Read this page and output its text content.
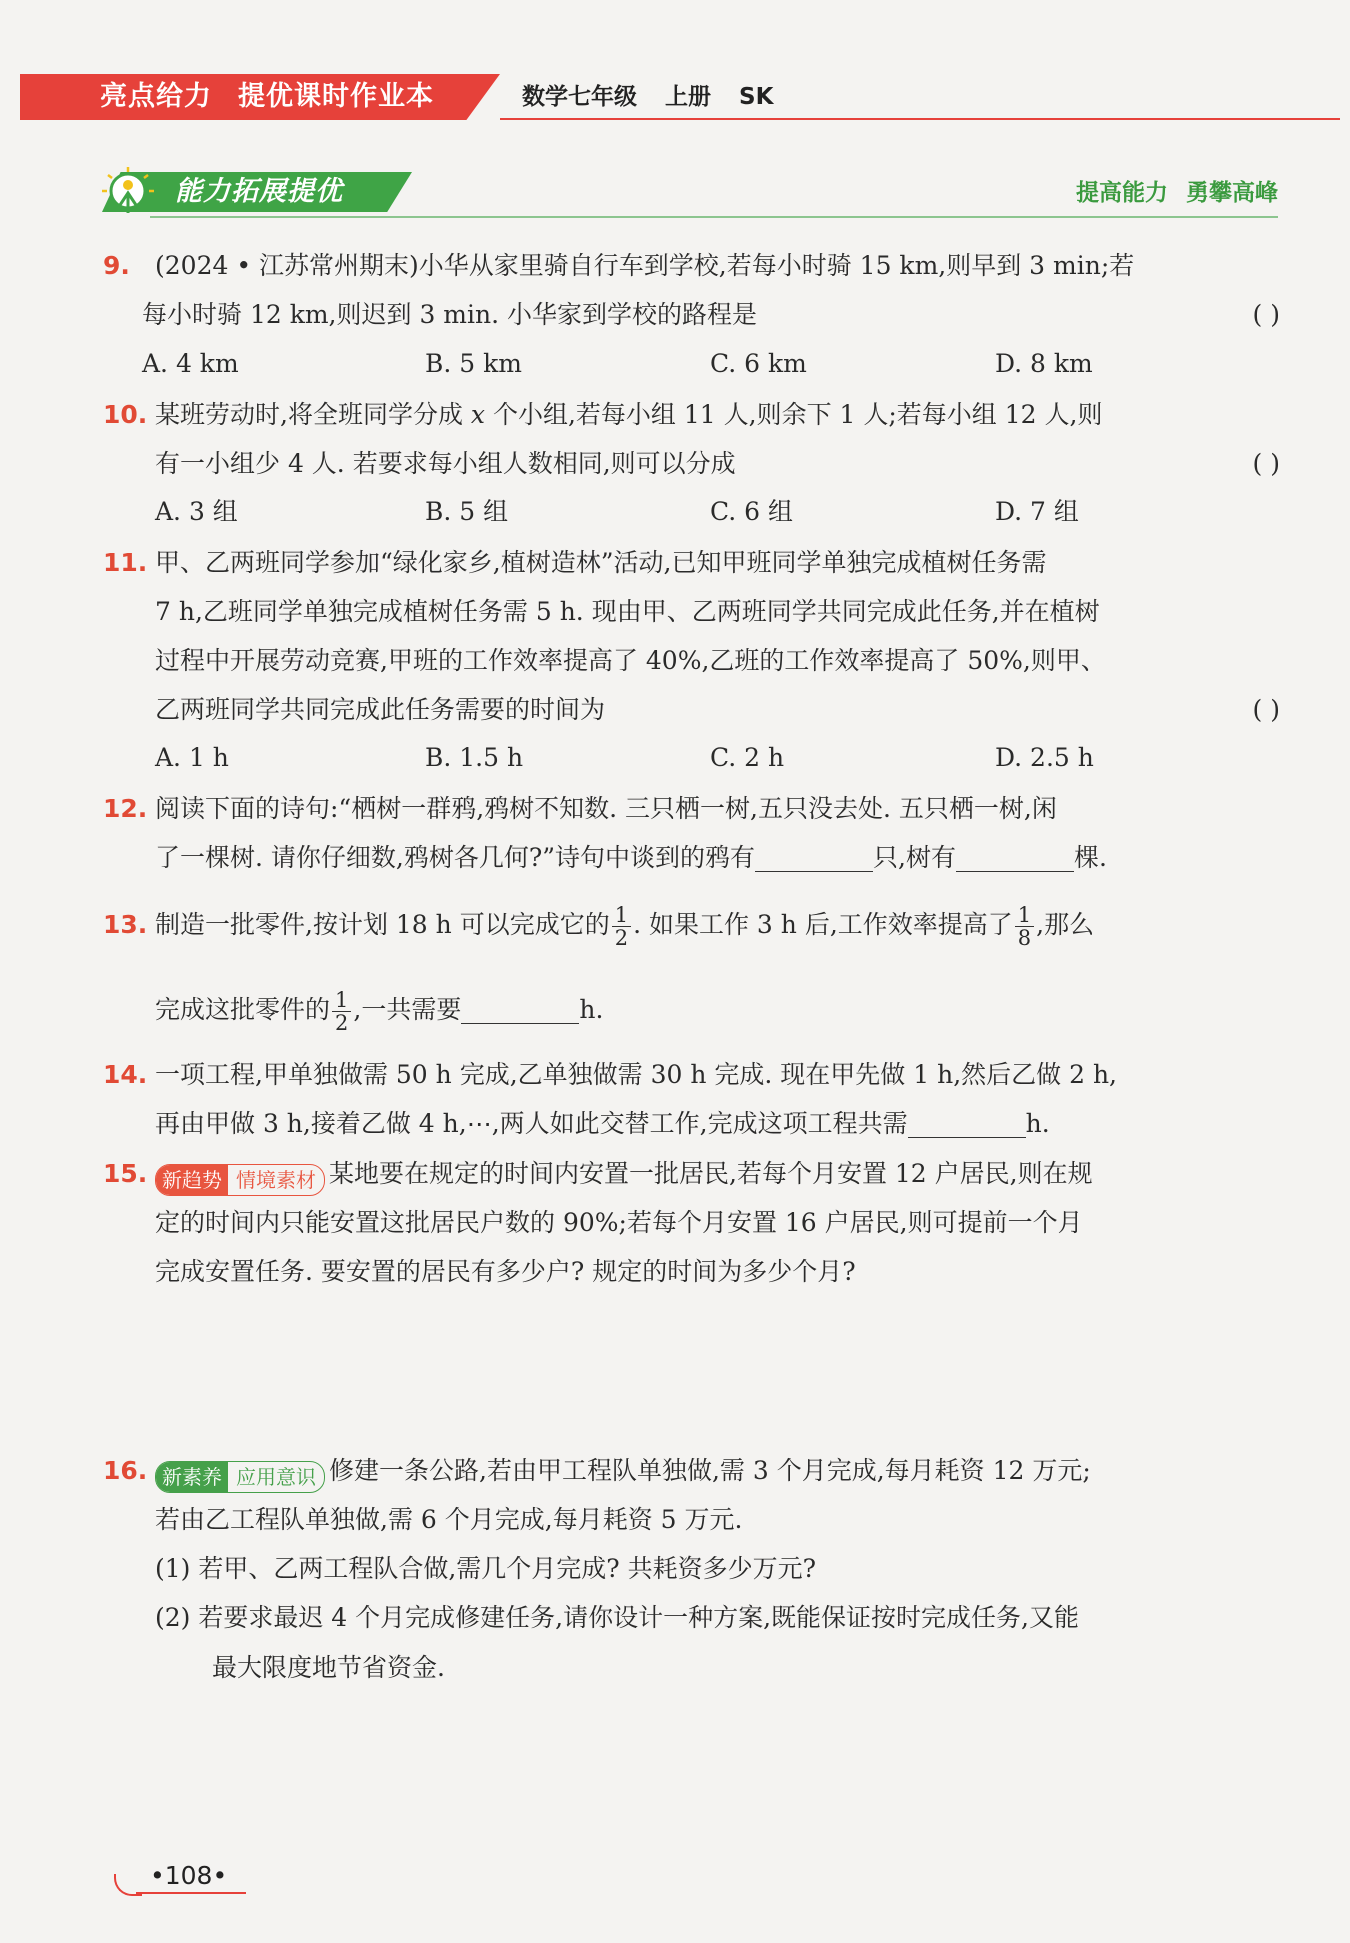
亮点给力 提优课时作业本	数学七年级 上册 SK
能力拓展提优	提高能力 勇攀高峰
9. (2024 • 江苏常州期末)小华从家里骑自行车到学校,若每小时骑 15 km,则早到 3 min;若
每小时骑 12 km,则迟到 3 min. 小华家到学校的路程是	( )
A. 4 km	B. 5 km	C. 6 km	D. 8 km
10. 某班劳动时,将全班同学分成 x 个小组,若每小组 11 人,则余下 1 人;若每小组 12 人,则
有一小组少 4 人. 若要求每小组人数相同,则可以分成	( )
A. 3 组	B. 5 组	C. 6 组	D. 7 组
11. 甲、乙两班同学参加“绿化家乡,植树造林”活动,已知甲班同学单独完成植树任务需
7 h,乙班同学单独完成植树任务需 5 h. 现由甲、乙两班同学共同完成此任务,并在植树
过程中开展劳动竞赛,甲班的工作效率提高了 40%,乙班的工作效率提高了 50%,则甲、
乙两班同学共同完成此任务需要的时间为	( )
A. 1 h	B. 1.5 h	C. 2 h	D. 2.5 h
12. 阅读下面的诗句:“栖树一群鸦,鸦树不知数. 三只栖一树,五只没去处. 五只栖一树,闲
了一棵树. 请你仔细数,鸦树各几何?”诗句中谈到的鸦有	只,树有	棵.
13. 制造一批零件,按计划 18 h 可以完成它的 $\frac{1}{2}$ . 如果工作 3 h 后,工作效率提高了 $\frac{1}{8}$ ,那么
完成这批零件的 $\frac{1}{2}$ ,一共需要	h.
14. 一项工程,甲单独做需 50 h 完成,乙单独做需 30 h 完成. 现在甲先做 1 h,然后乙做 2 h,
再由甲做 3 h,接着乙做 4 h,⋯,两人如此交替工作,完成这项工程共需	h.
15. 新趋势 情境素材 某地要在规定的时间内安置一批居民,若每个月安置 12 户居民,则在规
定的时间内只能安置这批居民户数的 90%;若每个月安置 16 户居民,则可提前一个月
完成安置任务. 要安置的居民有多少户? 规定的时间为多少个月?
16. 新素养 应用意识 修建一条公路,若由甲工程队单独做,需 3 个月完成,每月耗资 12 万元;
若由乙工程队单独做,需 6 个月完成,每月耗资 5 万元.
(1) 若甲、乙两工程队合做,需几个月完成? 共耗资多少万元?
(2) 若要求最迟 4 个月完成修建任务,请你设计一种方案,既能保证按时完成任务,又能
最大限度地节省资金.
•108•
